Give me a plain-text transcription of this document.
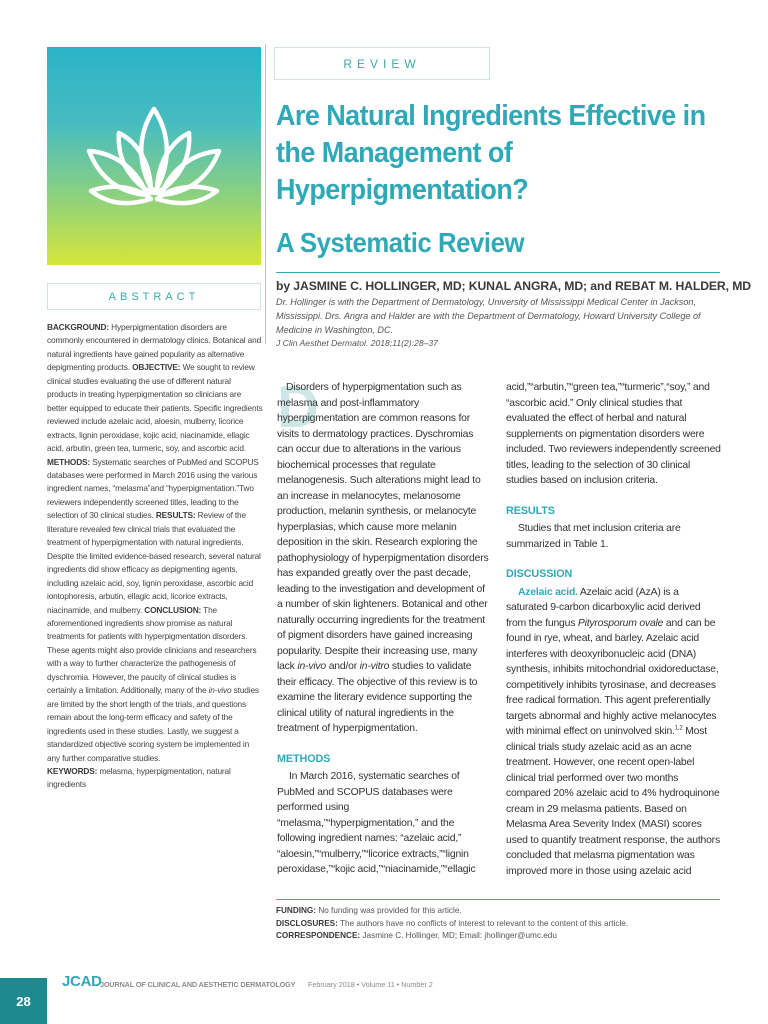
REVIEW
Are Natural Ingredients Effective in the Management of Hyperpigmentation?
A Systematic Review
by JASMINE C. HOLLINGER, MD; KUNAL ANGRA, MD; and REBAT M. HALDER, MD
Dr. Hollinger is with the Department of Dermatology, University of Mississippi Medical Center in Jackson, Mississippi. Drs. Angra and Halder are with the Department of Dermatology, Howard University College of Medicine in Washington, DC.
J Clin Aesthet Dermatol. 2018;11(2):28–37
ABSTRACT
BACKGROUND: Hyperpigmentation disorders are commonly encountered in dermatology clinics. Botanical and natural ingredients have gained popularity as alternative depigmenting products. OBJECTIVE: We sought to review clinical studies evaluating the use of different natural products in treating hyperpigmentation so clinicians are better equipped to educate their patients. Specific ingredients reviewed include azelaic acid, aloesin, mulberry, licorice extracts, lignin peroxidase, kojic acid, niacinamide, ellagic acid, arbutin, green tea, turmeric, soy, and ascorbic acid. METHODS: Systematic searches of PubMed and SCOPUS databases were performed in March 2016 using the various ingredient names, “melasma”and “hyperpigmentation.”Two reviewers independently screened titles, leading to the selection of 30 clinical studies. RESULTS: Review of the literature revealed few clinical trials that evaluated the treatment of hyperpigmentation with natural ingredients. Despite the limited evidence-based research, several natural ingredients did show efficacy as depigmenting agents, including azelaic acid, soy, lignin peroxidase, ascorbic acid iontophoresis, arbutin, ellagic acid, licorice extracts, niacinamide, and mulberry. CONCLUSION: The aforementioned ingredients show promise as natural treatments for patients with hyperpigmentation disorders. These agents might also provide clinicians and researchers with a way to further characterize the pathogenesis of dyschromia. However, the paucity of clinical studies is certainly a limitation. Additionally, many of the in-vivo studies are limited by the short length of the trials, and questions remain about the long-term efficacy and safety of the ingredients used in these studies. Lastly, we suggest a standardized objective scoring system be implemented in any further comparative studies.
KEYWORDS: melasma, hyperpigmentation, natural ingredients
D

Disorders of hyperpigmentation such as melasma and post-inflammatory hyperpigmentation are common reasons for visits to dermatology practices. Dyschromias can occur due to alterations in the various biochemical processes that regulate melanogenesis. Such alterations might lead to an increase in melanocytes, melanosome production, melanin synthesis, or melanocyte hyperplasias, which cause more melanin deposition in the skin. Research exploring the pathophysiology of hyperpigmentation disorders has expanded greatly over the past decade, leading to the investigation and development of a number of skin lighteners. Botanical and other naturally occurring ingredients for the treatment of pigment disorders have gained increasing popularity. Despite their increasing use, many lack in-vivo and/or in-vitro studies to validate their efficacy. The objective of this review is to examine the literary evidence supporting the clinical utility of natural ingredients in the treatment of hyperpigmentation.

METHODS

In March 2016, systematic searches of PubMed and SCOPUS databases were performed using “melasma,”“hyperpigmentation,” and the following ingredient names: “azelaic acid,” “aloesin,”“mulberry,”“licorice extracts,”“lignin peroxidase,”“kojic acid,”“niacinamide,”“ellagic

acid,”“arbutin,”“green tea,”“turmeric”,“soy,” and “ascorbic acid.” Only clinical studies that evaluated the effect of herbal and natural supplements on pigmentation disorders were included. Two reviewers independently screened titles, leading to the selection of 30 clinical studies based on inclusion criteria.
RESULTS

Studies that met inclusion criteria are summarized in Table 1.

DISCUSSION

Azelaic acid. Azelaic acid (AzA) is a saturated 9-carbon dicarboxylic acid derived from the fungus Pityrosporum ovale and can be found in rye, wheat, and barley. Azelaic acid interferes with deoxyribonucleic acid (DNA) synthesis, inhibits mitochondrial oxidoreductase, competitively inhibits tyrosinase, and decreases free radical formation. This agent preferentially targets abnormal and highly active melanocytes with minimal effect on uninvolved skin.$^{1,2}$ Most clinical trials study azelaic acid as an acne treatment. However, one recent open-label clinical trial performed over two months compared 20% azelaic acid to 4% hydroquinone cream in 29 melasma patients. Based on Melasma Area Severity Index (MASI) scores used to quantify treatment response, the authors concluded that melasma pigmentation was improved more in those using azelaic acid

FUNDING: No funding was provided for this article.
DISCLOSURES: The authors have no conflicts of interest to relevant to the content of this article.
CORRESPONDENCE: Jasmine C. Hollinger, MD; Email: jhollinger@umc.edu
28
JCAD
JOURNAL OF CLINICAL AND AESTHETIC DERMATOLOGY February 2018 • Volume 11 • Number 2
